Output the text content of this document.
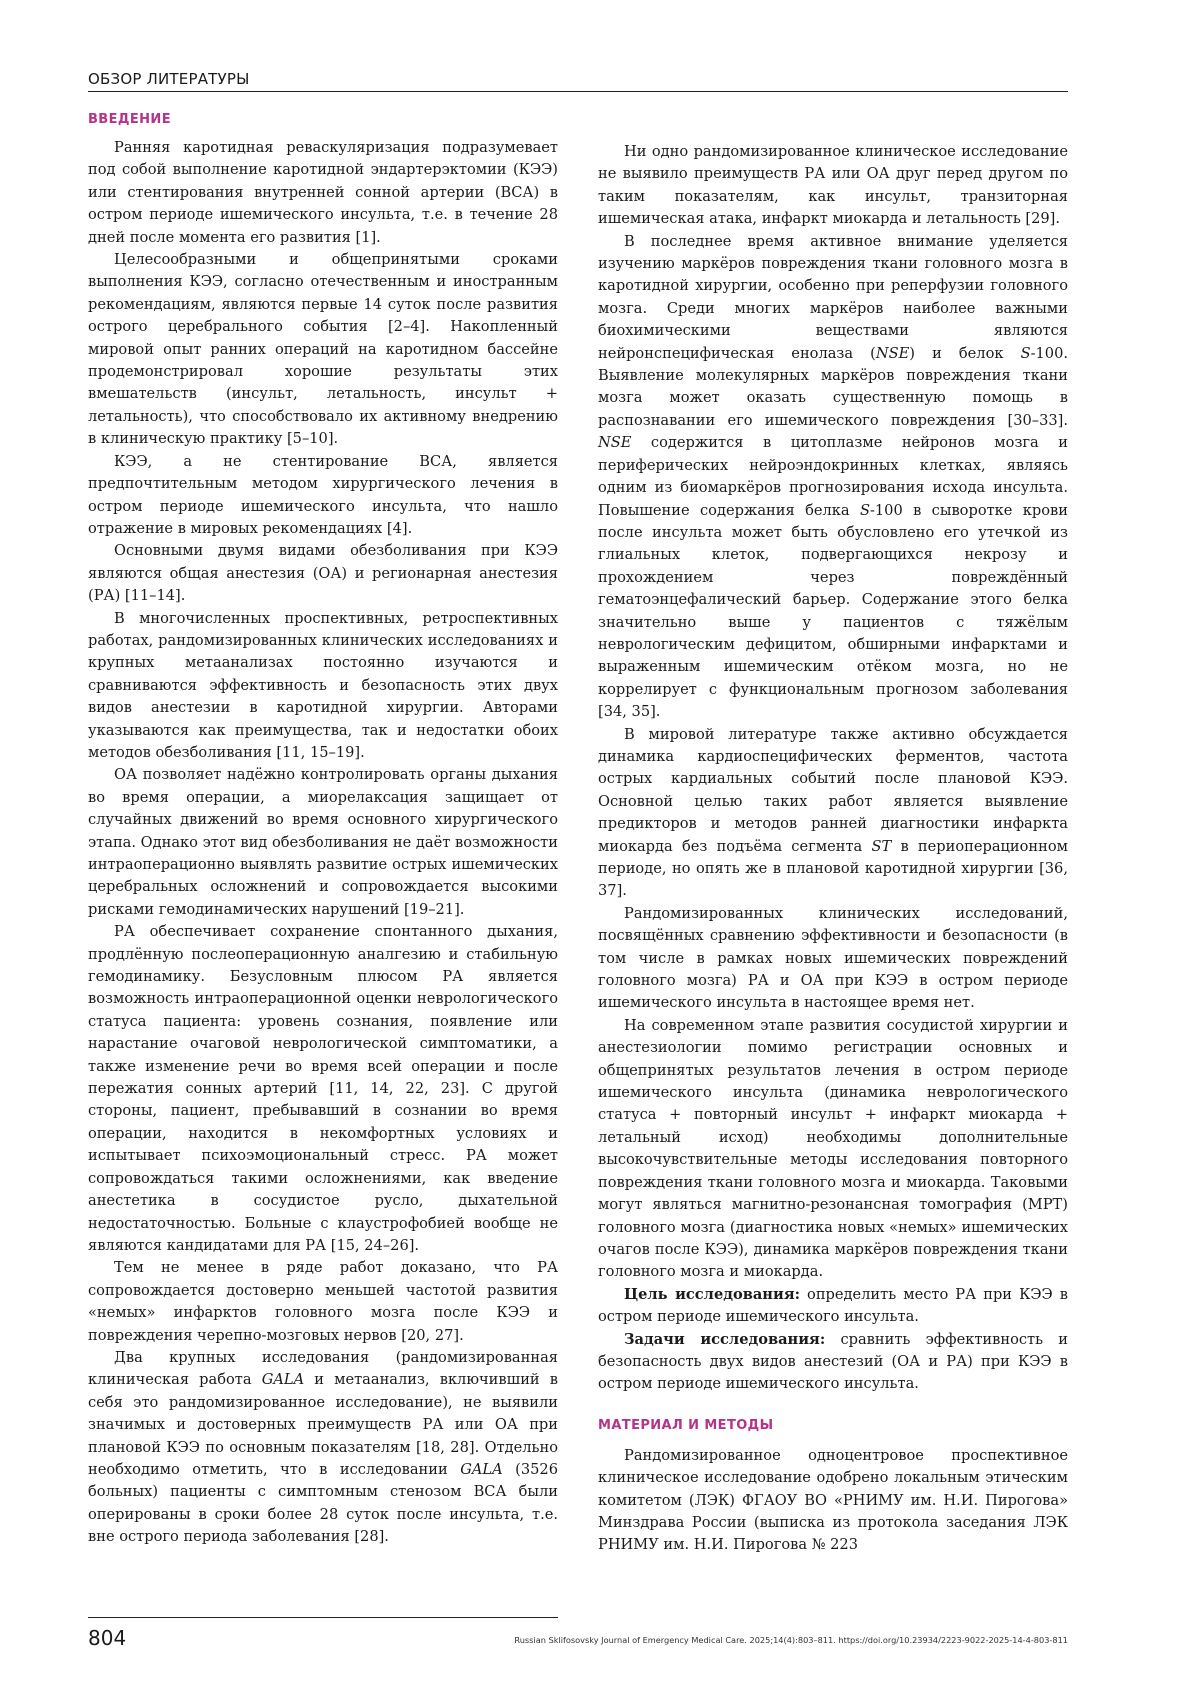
ОБЗОР ЛИТЕРАТУРЫ
ВВЕДЕНИЕ

Ранняя каротидная реваскуляризация подразумевает под собой выполнение каротидной эндартерэктомии (КЭЭ) или стентирования внутренней сонной артерии (ВСА) в остром периоде ишемического инсульта, т.е. в течение 28 дней после момента его развития [1].

Целесообразными и общепринятыми сроками выполнения КЭЭ, согласно отечественным и иностранным рекомендациям, являются первые 14 суток после развития острого церебрального события [2–4]. Накопленный мировой опыт ранних операций на каротидном бассейне продемонстрировал хорошие результаты этих вмешательств (инсульт, летальность, инсульт + летальность), что способствовало их активному внедрению в клиническую практику [5–10].

КЭЭ, а не стентирование ВСА, является предпочтительным методом хирургического лечения в остром периоде ишемического инсульта, что нашло отражение в мировых рекомендациях [4].

Основными двумя видами обезболивания при КЭЭ являются общая анестезия (ОА) и регионарная анестезия (РА) [11–14].

В многочисленных проспективных, ретроспективных работах, рандомизированных клинических исследованиях и крупных метаанализах постоянно изучаются и сравниваются эффективность и безопасность этих двух видов анестезии в каротидной хирургии. Авторами указываются как преимущества, так и недостатки обоих методов обезболивания [11, 15–19].

ОА позволяет надёжно контролировать органы дыхания во время операции, а миорелаксация защищает от случайных движений во время основного хирургического этапа. Однако этот вид обезболивания не даёт возможности интраоперационно выявлять развитие острых ишемических церебральных осложнений и сопровождается высокими рисками гемодинамических нарушений [19–21].

РА обеспечивает сохранение спонтанного дыхания, продлённую послеоперационную аналгезию и стабильную гемодинамику. Безусловным плюсом РА является возможность интраоперационной оценки неврологического статуса пациента: уровень сознания, появление или нарастание очаговой неврологической симптоматики, а также изменение речи во время всей операции и после пережатия сонных артерий [11, 14, 22, 23]. С другой стороны, пациент, пребывавший в сознании во время операции, находится в некомфортных условиях и испытывает психоэмоциональный стресс. РА может сопровождаться такими осложнениями, как введение анестетика в сосудистое русло, дыхательной недостаточностью. Больные с клаустрофобией вообще не являются кандидатами для РА [15, 24–26].

Тем не менее в ряде работ доказано, что РА сопровождается достоверно меньшей частотой развития «немых» инфарктов головного мозга после КЭЭ и повреждения черепно-мозговых нервов [20, 27].

Два крупных исследования (рандомизированная клиническая работа GALA и метаанализ, включивший в себя это рандомизированное исследование), не выявили значимых и достоверных преимуществ РА или ОА при плановой КЭЭ по основным показателям [18, 28]. Отдельно необходимо отметить, что в исследовании GALA (3526 больных) пациенты с симптомным стенозом ВСА были оперированы в сроки более 28 суток после инсульта, т.е. вне острого периода заболевания [28].

Ни одно рандомизированное клиническое исследование не выявило преимуществ РА или ОА друг перед другом по таким показателям, как инсульт, транзиторная ишемическая атака, инфаркт миокарда и летальность [29].

В последнее время активное внимание уделяется изучению маркёров повреждения ткани головного мозга в каротидной хирургии, особенно при реперфузии головного мозга. Среди многих маркёров наиболее важными биохимическими веществами являются нейронспецифическая енолаза (NSE) и белок S-100. Выявление молекулярных маркёров повреждения ткани мозга может оказать существенную помощь в распознавании его ишемического повреждения [30–33]. NSE содержится в цитоплазме нейронов мозга и периферических нейроэндокринных клетках, являясь одним из биомаркёров прогнозирования исхода инсульта. Повышение содержания белка S-100 в сыворотке крови после инсульта может быть обусловлено его утечкой из глиальных клеток, подвергающихся некрозу и прохождением через повреждённый гематоэнцефалический барьер. Содержание этого белка значительно выше у пациентов с тяжёлым неврологическим дефицитом, обширными инфарктами и выраженным ишемическим отёком мозга, но не коррелирует с функциональным прогнозом заболевания [34, 35].

В мировой литературе также активно обсуждается динамика кардиоспецифических ферментов, частота острых кардиальных событий после плановой КЭЭ. Основной целью таких работ является выявление предикторов и методов ранней диагностики инфаркта миокарда без подъёма сегмента ST в периоперационном периоде, но опять же в плановой каротидной хирургии [36, 37].

Рандомизированных клинических исследований, посвящённых сравнению эффективности и безопасности (в том числе в рамках новых ишемических повреждений головного мозга) РА и ОА при КЭЭ в остром периоде ишемического инсульта в настоящее время нет.

На современном этапе развития сосудистой хирургии и анестезиологии помимо регистрации основных и общепринятых результатов лечения в остром периоде ишемического инсульта (динамика неврологического статуса + повторный инсульт + инфаркт миокарда + летальный исход) необходимы дополнительные высокочувствительные методы исследования повторного повреждения ткани головного мозга и миокарда. Таковыми могут являться магнитно-резонансная томография (МРТ) головного мозга (диагностика новых «немых» ишемических очагов после КЭЭ), динамика маркёров повреждения ткани головного мозга и миокарда.

Цель исследования: определить место РА при КЭЭ в остром периоде ишемического инсульта.

Задачи исследования: сравнить эффективность и безопасность двух видов анестезий (ОА и РА) при КЭЭ в остром периоде ишемического инсульта.

МАТЕРИАЛ И МЕТОДЫ

Рандомизированное одноцентровое проспективное клиническое исследование одобрено локальным этическим комитетом (ЛЭК) ФГАОУ ВО «РНИМУ им. Н.И. Пирогова» Минздрава России (выписка из протокола заседания ЛЭК РНИМУ им. Н.И. Пирогова № 223

804	Russian Sklifosovsky Journal of Emergency Medical Care. 2025;14(4):803–811. https://doi.org/10.23934/2223-9022-2025-14-4-803-811
